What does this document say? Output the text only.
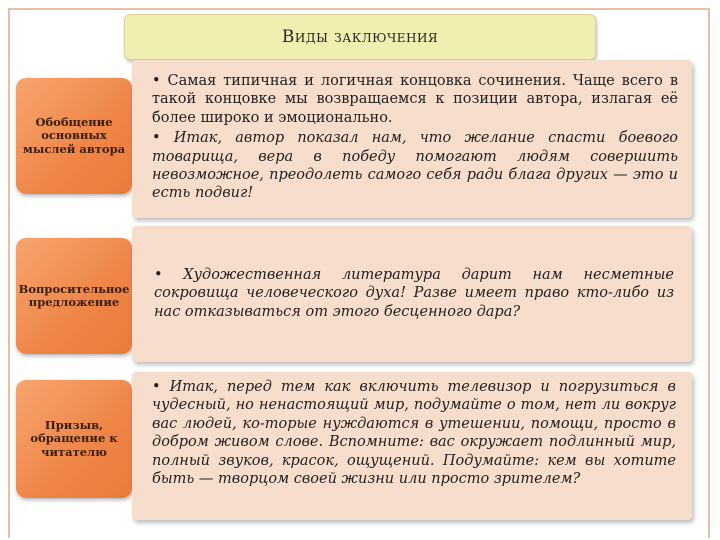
Виды заключения
Обобщение основных мыслей автора

• Самая типичная и логичная концовка сочинения. Чаще всего в такой концовке мы возвращаемся к позиции автора, излагая её более широко и эмоционально.

• Итак, автор показал нам, что желание спасти боевого товарища, вера в победу помогают людям совершить невозможное, преодолеть самого себя ради блага других — это и есть подвиг!

Вопросительное предложение

• Художественная литература дарит нам несметные сокровища человеческого духа! Разве имеет право кто-либо из нас отказываться от этого бесценного дара?

Призыв, обращение к читателю

• Итак, перед тем как включить телевизор и погрузиться в чудесный, но ненастоящий мир, подумайте о том, нет ли вокруг вас людей, ко-торые нуждаются в утешении, помощи, просто в добром живом слове. Вспомните: вас окружает подлинный мир, полный звуков, красок, ощущений. Подумайте: кем вы хотите быть — творцом своей жизни или просто зрителем?
